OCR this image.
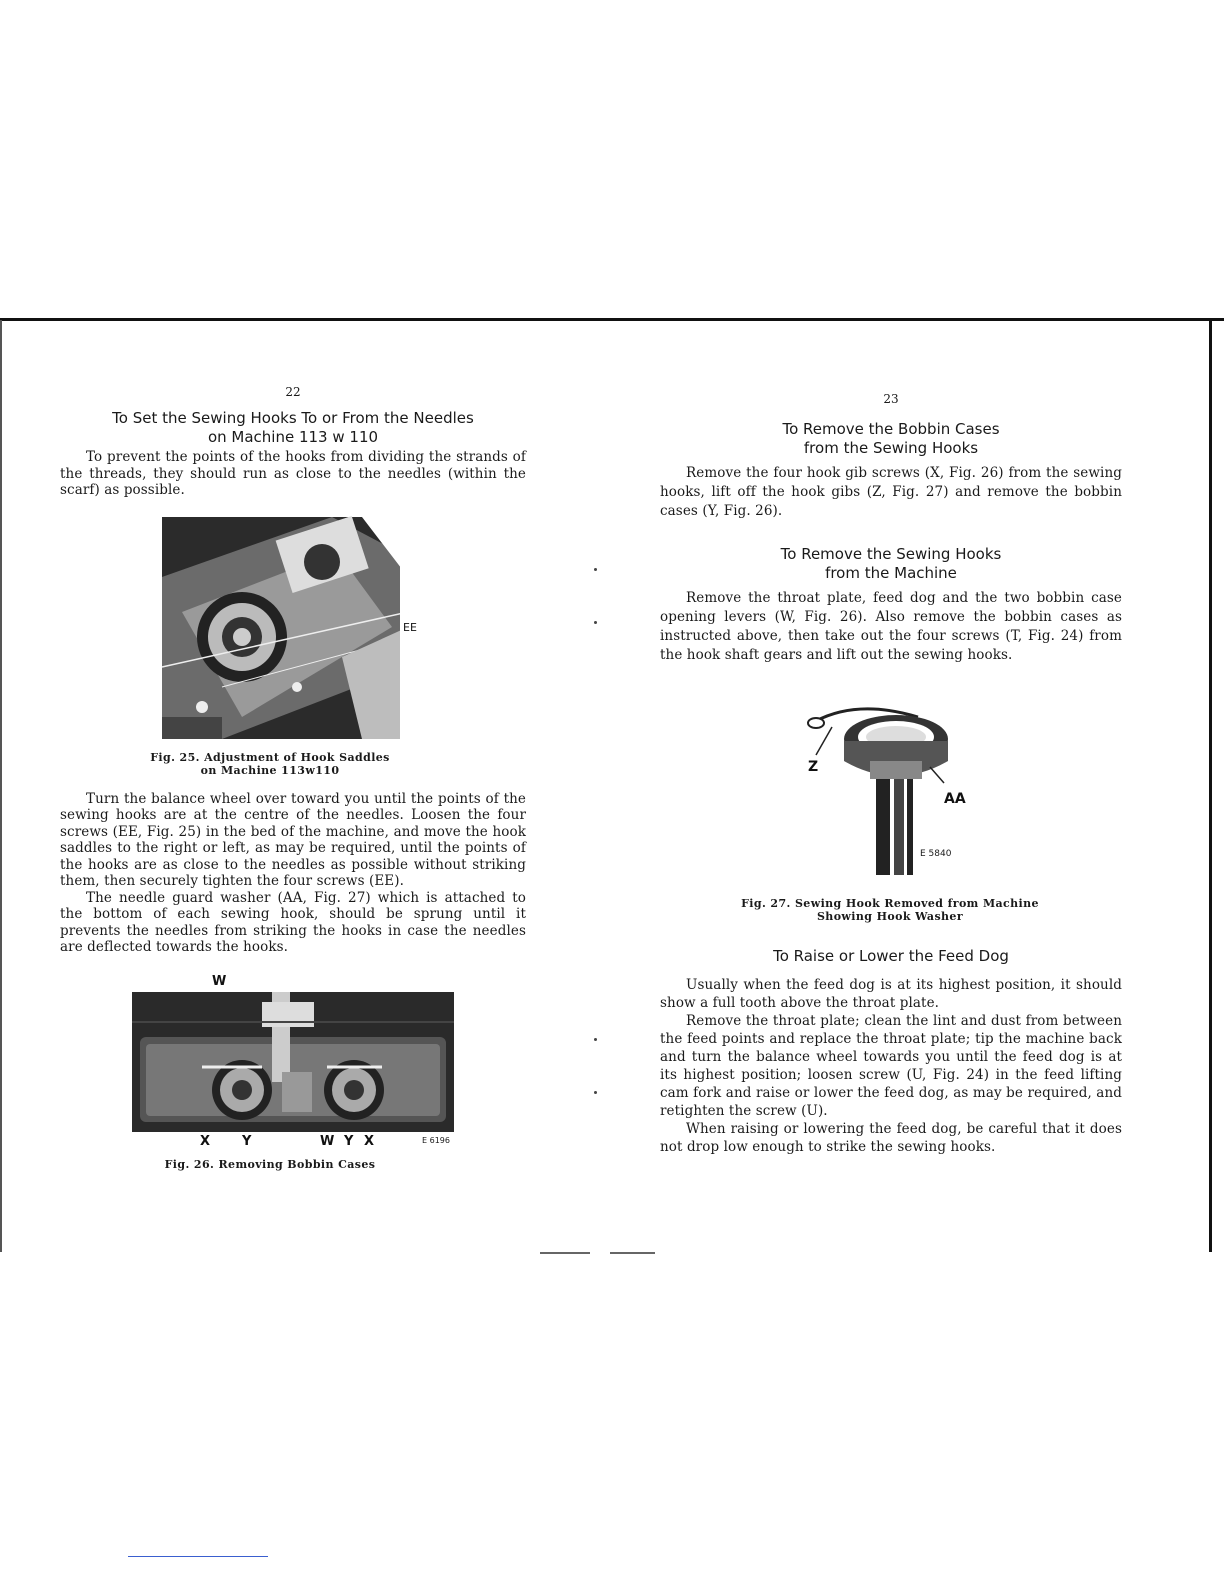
22
To Set the Sewing Hooks To or From the Needles
on Machine 113 w 110

To prevent the points of the hooks from dividing the strands of the threads, they should run as close to the needles (within the scarf) as possible.

EE
Fig. 25. Adjustment of Hook Saddles
on Machine 113w110

Turn the balance wheel over toward you until the points of the sewing hooks are at the centre of the needles. Loosen the four screws (EE, Fig. 25) in the bed of the machine, and move the hook saddles to the right or left, as may be required, until the points of the hooks are as close to the needles as possible without striking them, then securely tighten the four screws (EE).

The needle guard washer (AA, Fig. 27) which is attached to the bottom of each sewing hook, should be sprung until it prevents the needles from striking the hooks in case the needles are deflected towards the hooks.

W
X Y	W Y X	E 6196
Fig. 26. Removing Bobbin Cases
23
To Remove the Bobbin Cases
from the Sewing Hooks

Remove the four hook gib screws (X, Fig. 26) from the sewing hooks, lift off the hook gibs (Z, Fig. 27) and remove the bobbin cases (Y, Fig. 26).

To Remove the Sewing Hooks
from the Machine

Remove the throat plate, feed dog and the two bobbin case opening levers (W, Fig. 26). Also remove the bobbin cases as instructed above, then take out the four screws (T, Fig. 24) from the hook shaft gears and lift out the sewing hooks.

Z
AA
E 5840
Fig. 27. Sewing Hook Removed from Machine
Showing Hook Washer
To Raise or Lower the Feed Dog

Usually when the feed dog is at its highest position, it should show a full tooth above the throat plate.

Remove the throat plate; clean the lint and dust from between the feed points and replace the throat plate; tip the machine back and turn the balance wheel towards you until the feed dog is at its highest position; loosen screw (U, Fig. 24) in the feed lifting cam fork and raise or lower the feed dog, as may be required, and retighten the screw (U).

When raising or lowering the feed dog, be careful that it does not drop low enough to strike the sewing hooks.
